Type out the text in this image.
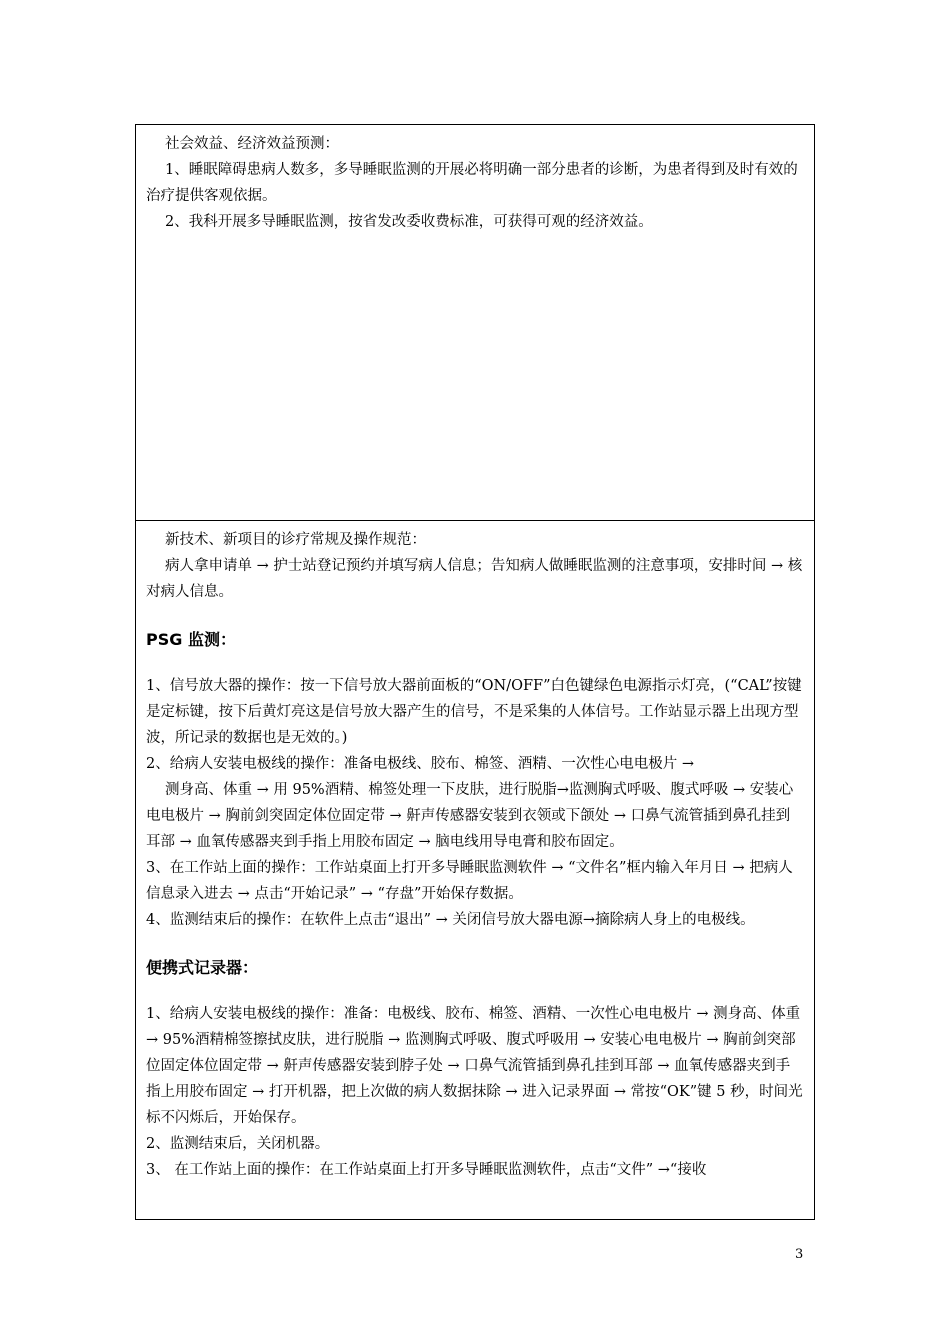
社会效益、经济效益预测：

1、睡眠障碍患病人数多，多导睡眠监测的开展必将明确一部分患者的诊断，为患者得到及时有效的治疗提供客观依据。

2、我科开展多导睡眠监测，按省发改委收费标准，可获得可观的经济效益。

新技术、新项目的诊疗常规及操作规范：

病人拿申请单 → 护士站登记预约并填写病人信息；告知病人做睡眠监测的注意事项，安排时间 → 核对病人信息。

PSG 监测：

1、信号放大器的操作：按一下信号放大器前面板的“ON/OFF”白色键绿色电源指示灯亮，(“CAL”按键是定标键，按下后黄灯亮这是信号放大器产生的信号，不是采集的人体信号。工作站显示器上出现方型波，所记录的数据也是无效的。)

2、给病人安装电极线的操作：准备电极线、胶布、棉签、酒精、一次性心电电极片 →

测身高、体重 → 用 95%酒精、棉签处理一下皮肤，进行脱脂→监测胸式呼吸、腹式呼吸 → 安装心电电极片 → 胸前剑突固定体位固定带 → 鼾声传感器安装到衣领或下颌处 → 口鼻气流管插到鼻孔挂到耳部 → 血氧传感器夹到手指上用胶布固定 → 脑电线用导电膏和胶布固定。

3、在工作站上面的操作：工作站桌面上打开多导睡眠监测软件 → “文件名”框内输入年月日 → 把病人信息录入进去 → 点击“开始记录” → “存盘”开始保存数据。

4、监测结束后的操作：在软件上点击“退出” → 关闭信号放大器电源→摘除病人身上的电极线。

便携式记录器：

1、给病人安装电极线的操作：准备：电极线、胶布、棉签、酒精、一次性心电电极片 → 测身高、体重 → 95%酒精棉签擦拭皮肤，进行脱脂 → 监测胸式呼吸、腹式呼吸用 → 安装心电电极片 → 胸前剑突部位固定体位固定带 → 鼾声传感器安装到脖子处 → 口鼻气流管插到鼻孔挂到耳部 → 血氧传感器夹到手指上用胶布固定 → 打开机器，把上次做的病人数据抹除 → 进入记录界面 → 常按“OK”键 5 秒，时间光标不闪烁后，开始保存。

2、监测结束后，关闭机器。

3、 在工作站上面的操作：在工作站桌面上打开多导睡眠监测软件，点击“文件” →“接收

3
